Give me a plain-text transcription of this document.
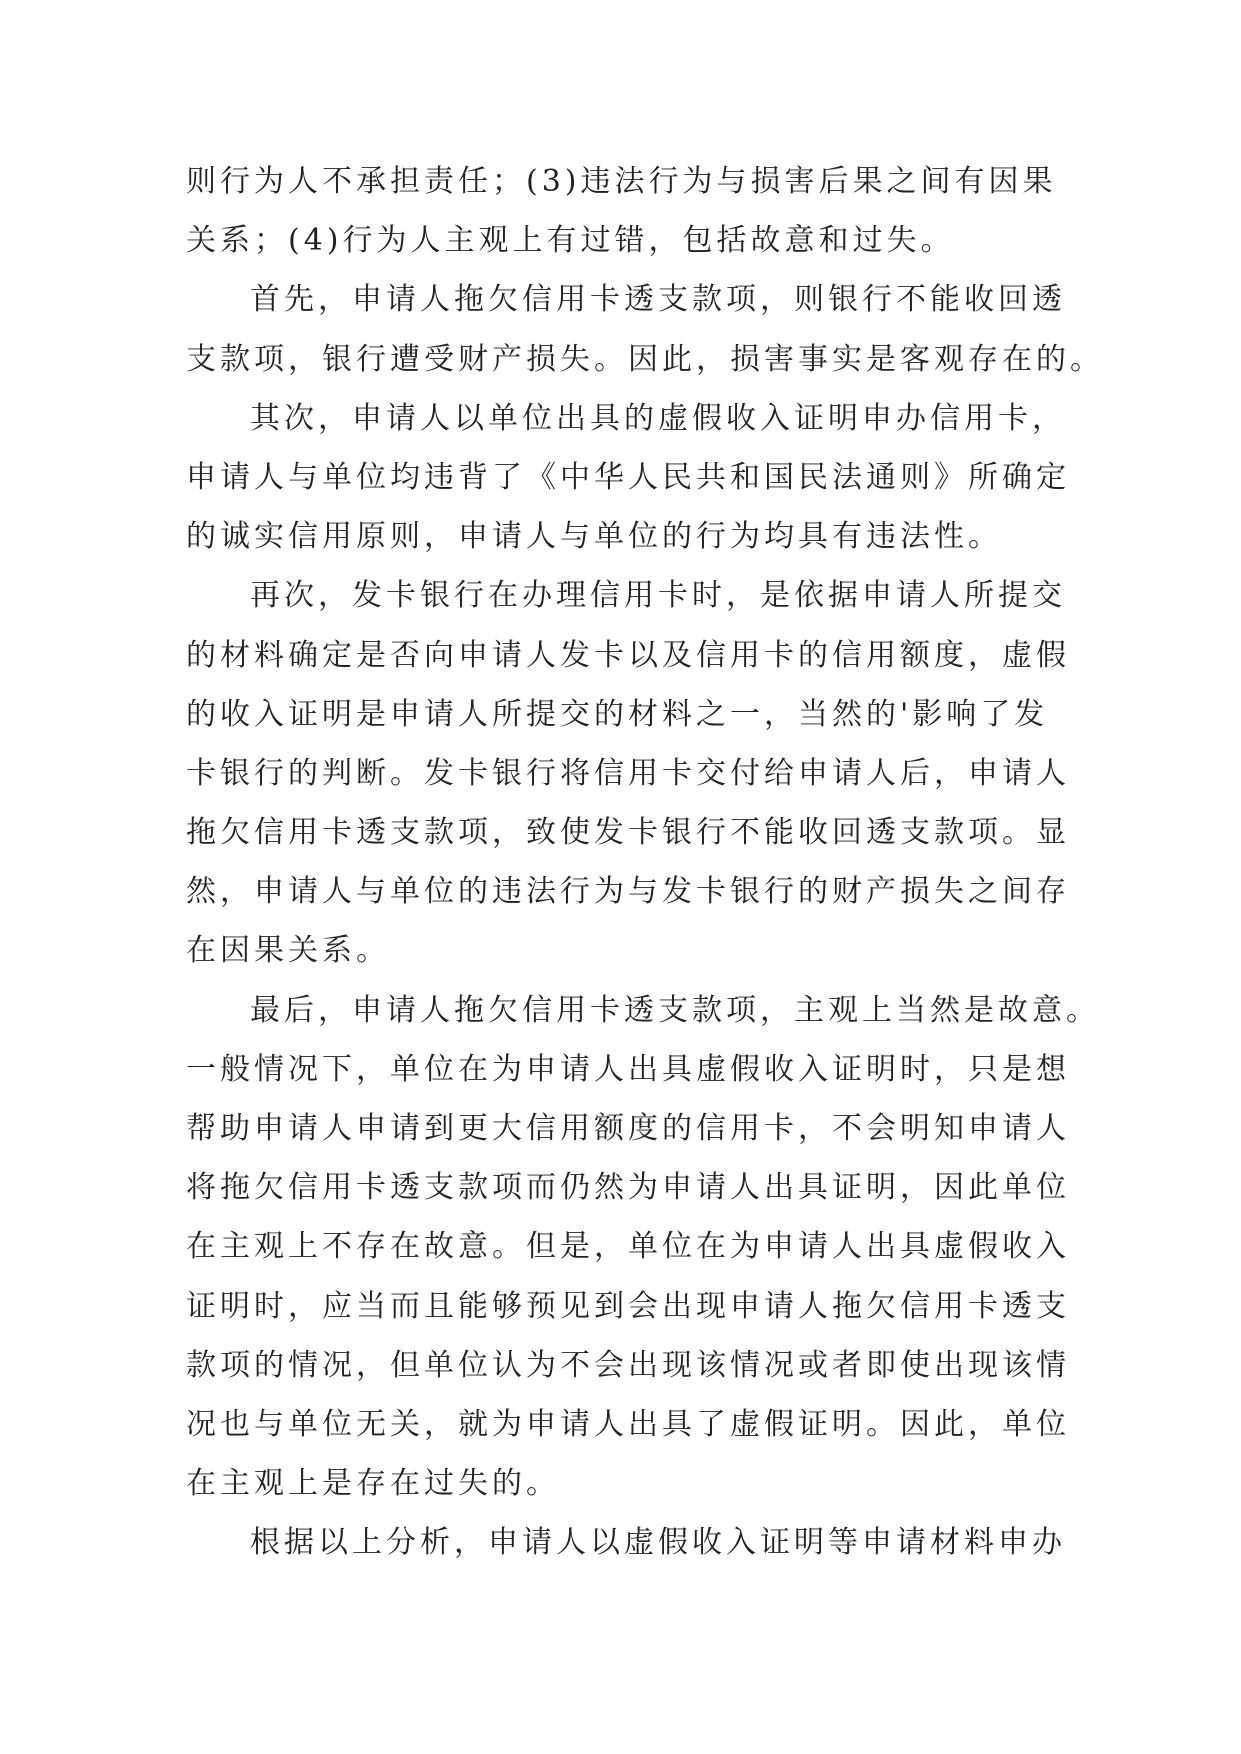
则行为人不承担责任；(3)违法行为与损害后果之间有因果
关系；(4)行为人主观上有过错，包括故意和过失。
首先，申请人拖欠信用卡透支款项，则银行不能收回透
支款项，银行遭受财产损失。因此，损害事实是客观存在的。
其次，申请人以单位出具的虚假收入证明申办信用卡，
申请人与单位均违背了《中华人民共和国民法通则》所确定
的诚实信用原则，申请人与单位的行为均具有违法性。
再次，发卡银行在办理信用卡时，是依据申请人所提交
的材料确定是否向申请人发卡以及信用卡的信用额度，虚假
的收入证明是申请人所提交的材料之一，当然的'影响了发
卡银行的判断。发卡银行将信用卡交付给申请人后，申请人
拖欠信用卡透支款项，致使发卡银行不能收回透支款项。显
然，申请人与单位的违法行为与发卡银行的财产损失之间存
在因果关系。
最后，申请人拖欠信用卡透支款项，主观上当然是故意。
一般情况下，单位在为申请人出具虚假收入证明时，只是想
帮助申请人申请到更大信用额度的信用卡，不会明知申请人
将拖欠信用卡透支款项而仍然为申请人出具证明，因此单位
在主观上不存在故意。但是，单位在为申请人出具虚假收入
证明时，应当而且能够预见到会出现申请人拖欠信用卡透支
款项的情况，但单位认为不会出现该情况或者即使出现该情
况也与单位无关，就为申请人出具了虚假证明。因此，单位
在主观上是存在过失的。
根据以上分析，申请人以虚假收入证明等申请材料申办
